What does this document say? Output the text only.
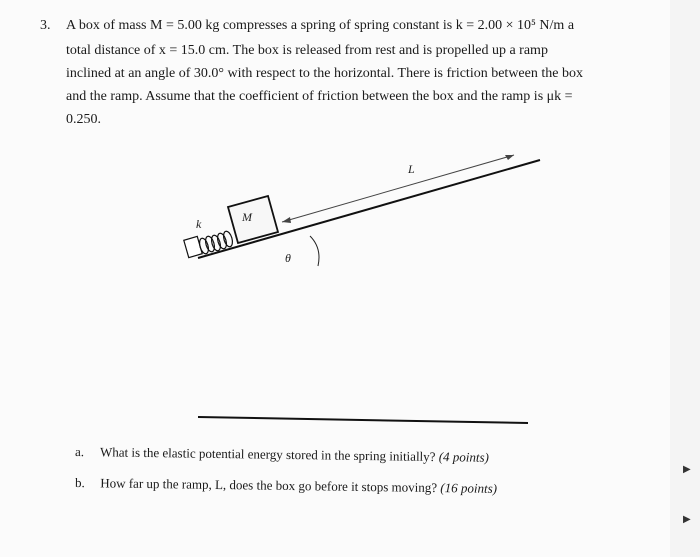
3. A box of mass M = 5.00 kg compresses a spring of spring constant is k = 2.00 × 10⁵ N/m a
total distance of x = 15.0 cm. The box is released from rest and is propelled up a ramp
inclined at an angle of 30.0° with respect to the horizontal. There is friction between the box
and the ramp. Assume that the coefficient of friction between the box and the ramp is μk =
0.250.
L
k	M
θ
a. What is the elastic potential energy stored in the spring initially? (4 points)
b. How far up the ramp, L, does the box go before it stops moving? (16 points)
▶
▶
